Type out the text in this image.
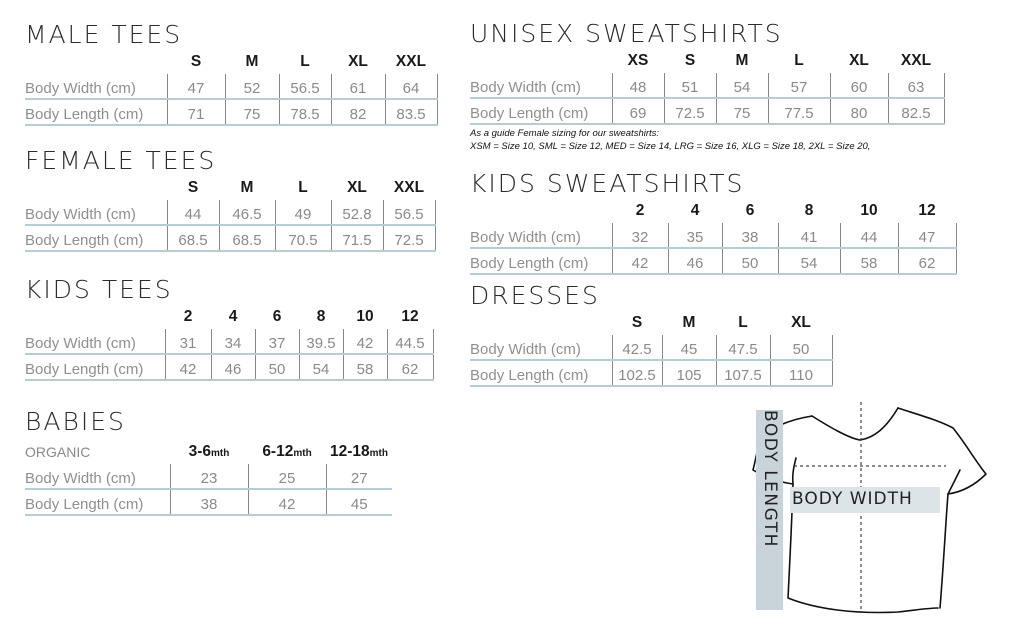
MALE TEES
	S	M	L	XL	XXL
Body Width (cm)	47	52	56.5	61	64
Body Length (cm)	71	75	78.5	82	83.5
FEMALE TEES
	S	M	L	XL	XXL
Body Width (cm)	44	46.5	49	52.8	56.5
Body Length (cm)	68.5	68.5	70.5	71.5	72.5
KIDS TEES
	2	4	6	8	10	12
Body Width (cm)	31	34	37	39.5	42	44.5
Body Length (cm)	42	46	50	54	58	62
BABIES
ORGANIC	3-6mth	6-12mth	12-18mth
Body Width (cm)	23	25	27
Body Length (cm)	38	42	45
UNISEX SWEATSHIRTS
	XS	S	M	L	XL	XXL
Body Width (cm)	48	51	54	57	60	63
Body Length (cm)	69	72.5	75	77.5	80	82.5
As a guide Female sizing for our sweatshirts:
XSM = Size 10, SML = Size 12, MED = Size 14, LRG = Size 16, XLG = Size 18, 2XL = Size 20,
KIDS SWEATSHIRTS
	2	4	6	8	10	12
Body Width (cm)	32	35	38	41	44	47
Body Length (cm)	42	46	50	54	58	62
DRESSES
	S	M	L	XL
Body Width (cm)	42.5	45	47.5	50
Body Length (cm)	102.5	105	107.5	110
BODY LENGTH BODY WIDTH
